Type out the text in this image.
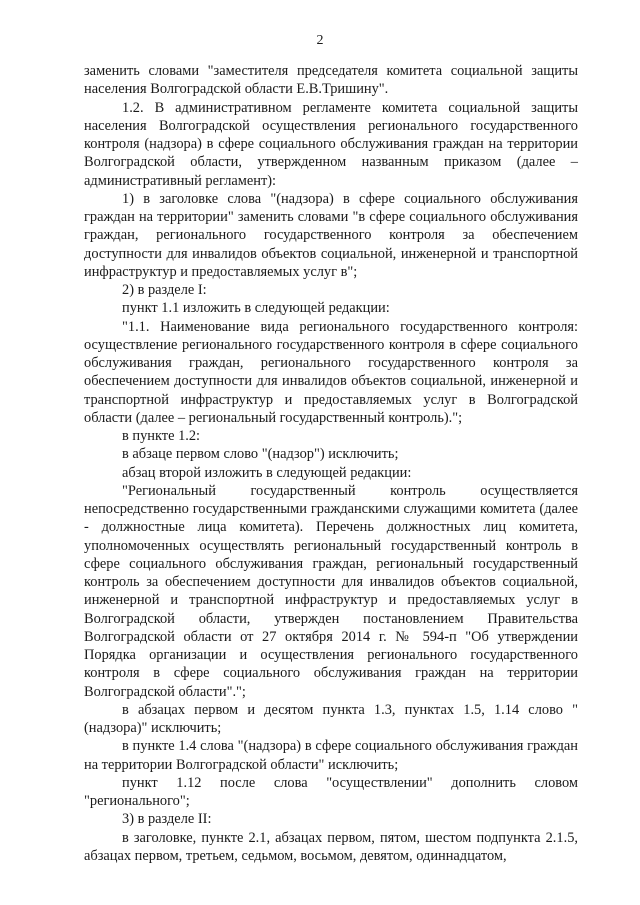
2

заменить словами "заместителя председателя комитета социальной защиты населения Волгоградской области Е.В.Тришину".

1.2. В административном регламенте комитета социальной защиты населения Волгоградской осуществления регионального государственного контроля (надзора) в сфере социального обслуживания граждан на территории Волгоградской области, утвержденном названным приказом (далее – административный регламент):

1) в заголовке слова "(надзора) в сфере социального обслуживания граждан на территории" заменить словами "в сфере социального обслуживания граждан, регионального государственного контроля за обеспечением доступности для инвалидов объектов социальной, инженерной и транспортной инфраструктур и предоставляемых услуг в";

2) в разделе I:

пункт 1.1 изложить в следующей редакции:

"1.1. Наименование вида регионального государственного контроля: осуществление регионального государственного контроля в сфере социального обслуживания граждан, регионального государственного контроля за обеспечением доступности для инвалидов объектов социальной, инженерной и транспортной инфраструктур и предоставляемых услуг в Волгоградской области (далее – региональный государственный контроль).";

в пункте 1.2:

в абзаце первом слово "(надзор") исключить;

абзац второй изложить в следующей редакции:

"Региональный государственный контроль осуществляется непосредственно государственными гражданскими служащими комитета (далее - должностные лица комитета). Перечень должностных лиц комитета, уполномоченных осуществлять региональный государственный контроль в сфере социального обслуживания граждан, региональный государственный контроль за обеспечением доступности для инвалидов объектов социальной, инженерной и транспортной инфраструктур и предоставляемых услуг в Волгоградской области, утвержден постановлением Правительства Волгоградской области от 27 октября 2014 г. № 594-п "Об утверждении Порядка организации и осуществления регионального государственного контроля в сфере социального обслуживания граждан на территории Волгоградской области".";

в абзацах первом и десятом пункта 1.3, пунктах 1.5, 1.14 слово "(надзора)" исключить;

в пункте 1.4 слова "(надзора) в сфере социального обслуживания граждан на территории Волгоградской области" исключить;

пункт 1.12 после слова "осуществлении" дополнить словом "регионального";

3) в разделе II:

в заголовке, пункте 2.1, абзацах первом, пятом, шестом подпункта 2.1.5, абзацах первом, третьем, седьмом, восьмом, девятом, одиннадцатом,
